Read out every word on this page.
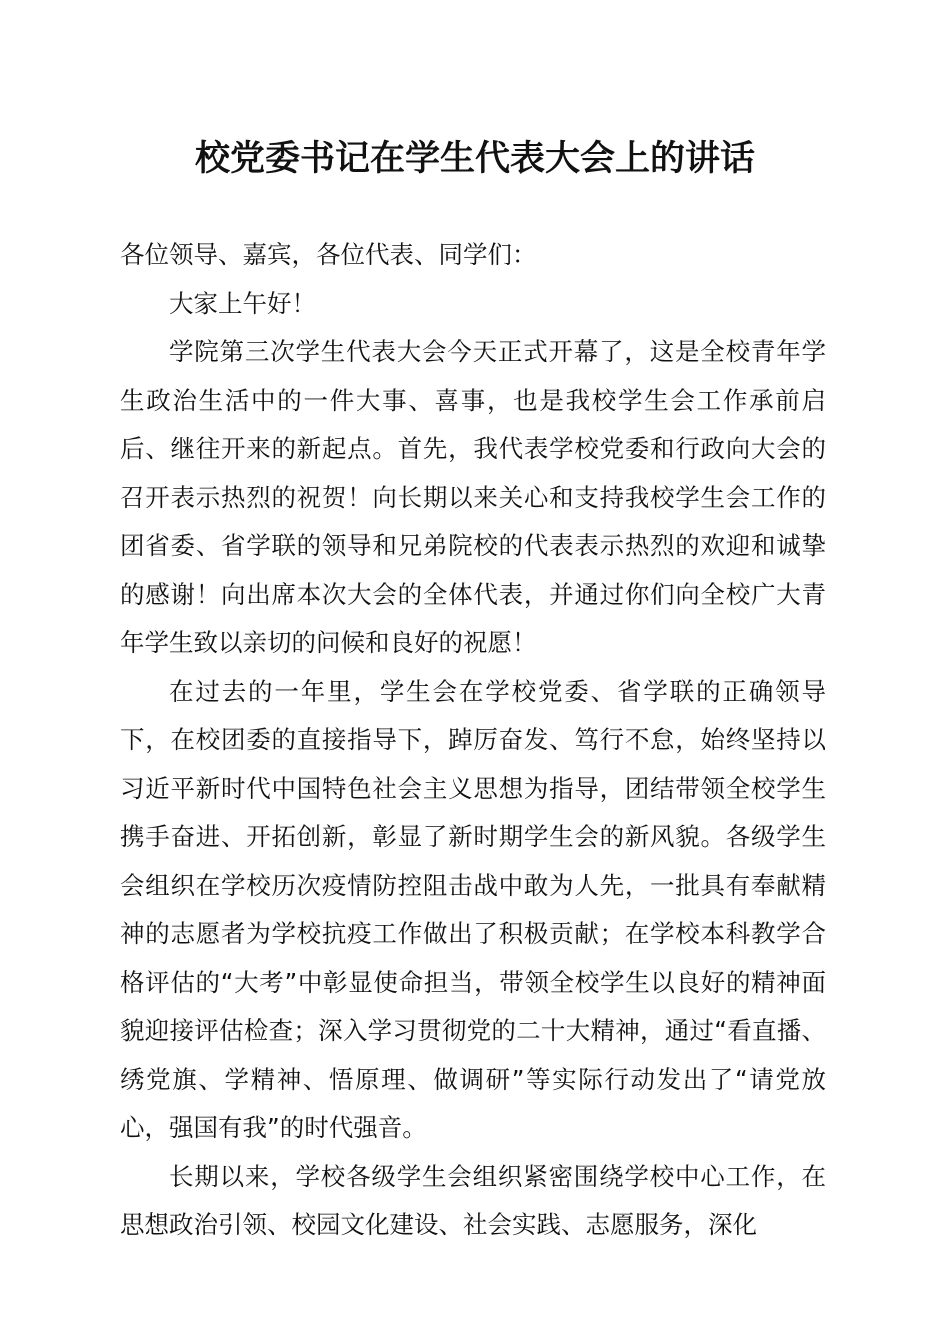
校党委书记在学生代表大会上的讲话

各位领导、嘉宾，各位代表、同学们：

大家上午好！

学院第三次学生代表大会今天正式开幕了，这是全校青年学生政治生活中的一件大事、喜事，也是我校学生会工作承前启后、继往开来的新起点。首先，我代表学校党委和行政向大会的召开表示热烈的祝贺！向长期以来关心和支持我校学生会工作的团省委、省学联的领导和兄弟院校的代表表示热烈的欢迎和诚挚的感谢！向出席本次大会的全体代表，并通过你们向全校广大青年学生致以亲切的问候和良好的祝愿！

在过去的一年里，学生会在学校党委、省学联的正确领导下，在校团委的直接指导下，踔厉奋发、笃行不怠，始终坚持以习近平新时代中国特色社会主义思想为指导，团结带领全校学生携手奋进、开拓创新，彰显了新时期学生会的新风貌。各级学生会组织在学校历次疫情防控阻击战中敢为人先，一批具有奉献精神的志愿者为学校抗疫工作做出了积极贡献；在学校本科教学合格评估的“大考”中彰显使命担当，带领全校学生以良好的精神面貌迎接评估检查；深入学习贯彻党的二十大精神，通过“看直播、绣党旗、学精神、悟原理、做调研”等实际行动发出了“请党放心，强国有我”的时代强音。

长期以来，学校各级学生会组织紧密围绕学校中心工作，在思想政治引领、校园文化建设、社会实践、志愿服务，深化
